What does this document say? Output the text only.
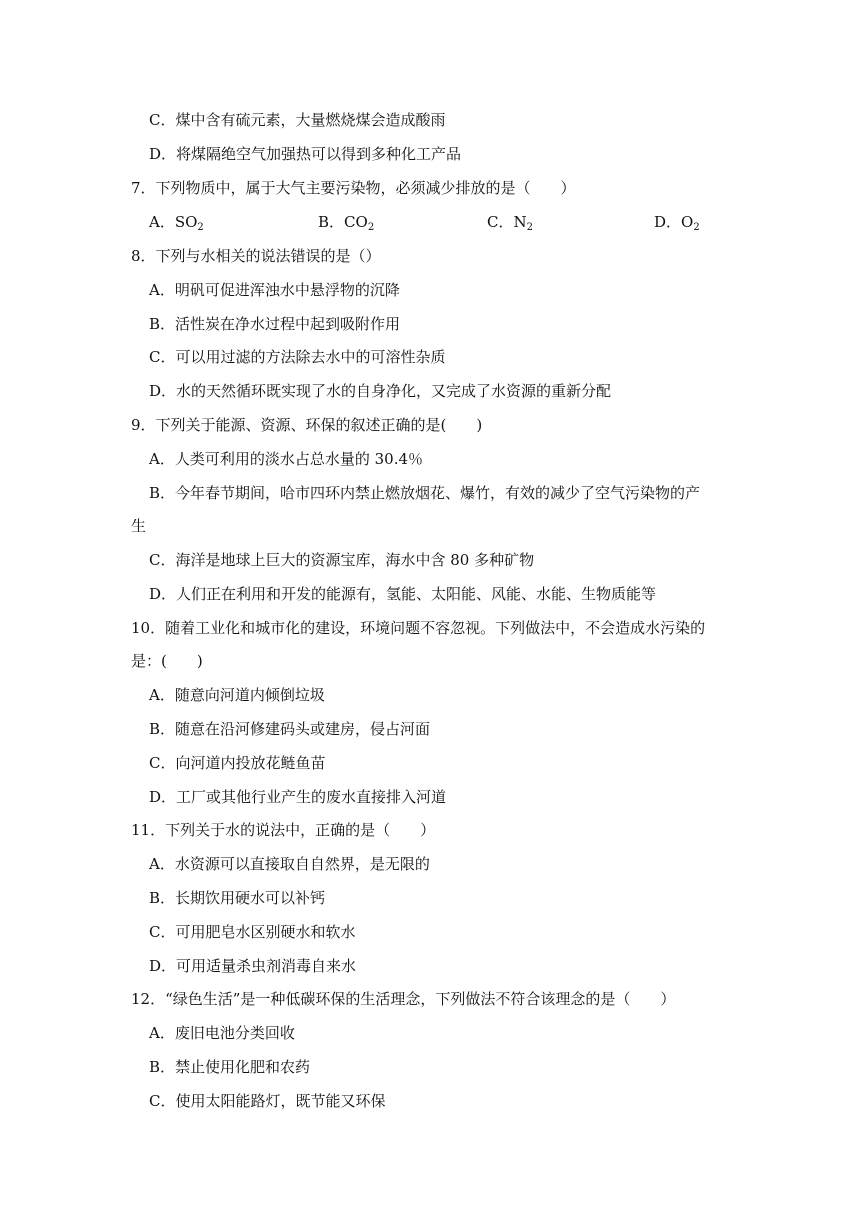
C．煤中含有硫元素，大量燃烧煤会造成酸雨
D．将煤隔绝空气加强热可以得到多种化工产品
7．下列物质中，属于大气主要污染物，必须减少排放的是（　　）
A．$SO_2$	B．$CO_2$	C．$N_2$	D．$O_2$
8．下列与水相关的说法错误的是（）
A．明矾可促进浑浊水中悬浮物的沉降
B．活性炭在净水过程中起到吸附作用
C．可以用过滤的方法除去水中的可溶性杂质
D．水的天然循环既实现了水的自身净化，又完成了水资源的重新分配
9．下列关于能源、资源、环保的叙述正确的是(　　)
A．人类可利用的淡水占总水量的 30.4％
B．今年春节期间，哈市四环内禁止燃放烟花、爆竹，有效的减少了空气污染物的产
生
C．海洋是地球上巨大的资源宝库，海水中含 80 多种矿物
D．人们正在利用和开发的能源有，氢能、太阳能、风能、水能、生物质能等
10．随着工业化和城市化的建设，环境问题不容忽视。下列做法中，不会造成水污染的
是：(　　)
A．随意向河道内倾倒垃圾
B．随意在沿河修建码头或建房，侵占河面
C．向河道内投放花鲢鱼苗
D．工厂或其他行业产生的废水直接排入河道
11．下列关于水的说法中，正确的是（　　）
A．水资源可以直接取自自然界，是无限的
B．长期饮用硬水可以补钙
C．可用肥皂水区别硬水和软水
D．可用适量杀虫剂消毒自来水
12．“绿色生活”是一种低碳环保的生活理念，下列做法不符合该理念的是（　　）
A．废旧电池分类回收
B．禁止使用化肥和农药
C．使用太阳能路灯，既节能又环保
